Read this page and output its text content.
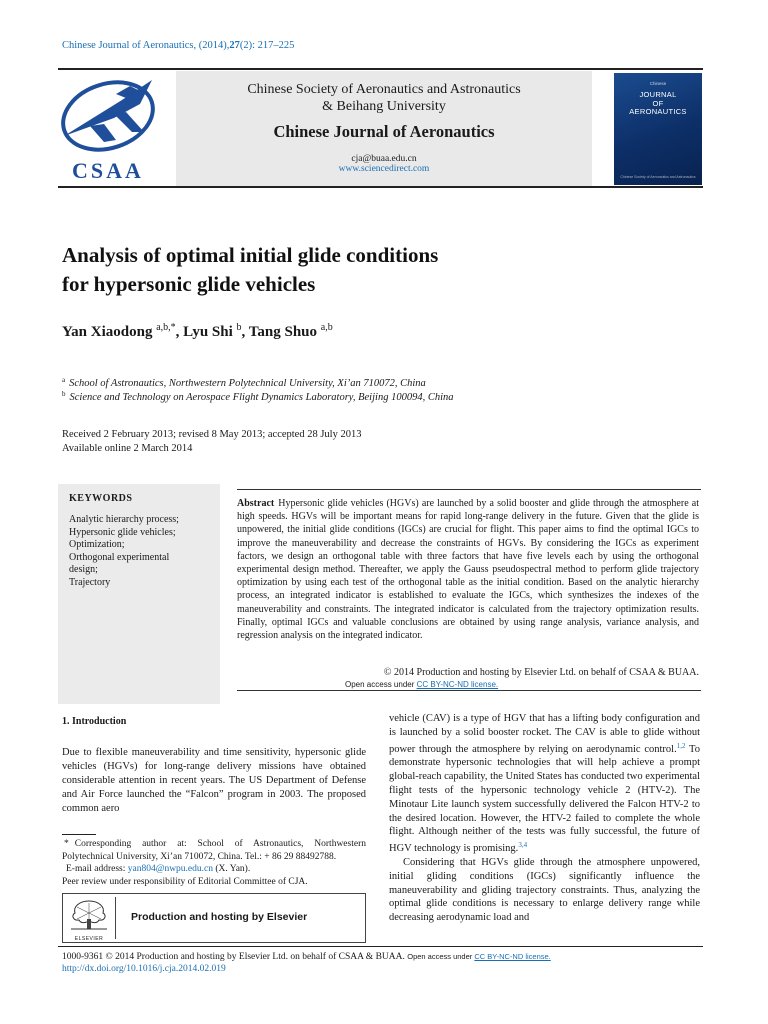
Chinese Journal of Aeronautics, (2014),27(2): 217–225
CSAA
Chinese Society of Aeronautics and Astronautics
& Beihang University
Chinese Journal of Aeronautics
cja@buaa.edu.cn
www.sciencedirect.com
Chinese
JOURNAL
OF
AERONAUTICS
Chinese Society of Aeronautics and Astronautics
Analysis of optimal initial glide conditions
for hypersonic glide vehicles
Yan Xiaodong $^{a,b,*}$, Lyu Shi $^b$, Tang Shuo $^{a,b}$
$^a$ School of Astronautics, Northwestern Polytechnical University, Xi’an 710072, China
$^b$ Science and Technology on Aerospace Flight Dynamics Laboratory, Beijing 100094, China
Received 2 February 2013; revised 8 May 2013; accepted 28 July 2013
Available online 2 March 2014
KEYWORDS
Analytic hierarchy process;
Hypersonic glide vehicles;
Optimization;
Orthogonal experimental
design;
Trajectory
Abstract Hypersonic glide vehicles (HGVs) are launched by a solid booster and glide through the atmosphere at high speeds. HGVs will be important means for rapid long-range delivery in the future. Given that the glide is unpowered, the initial glide conditions (IGCs) are crucial for flight. This paper aims to find the optimal IGCs to improve the maneuverability and decrease the constraints of HGVs. By considering the IGCs as experiment factors, we design an orthogonal table with three factors that have five levels each by using the orthogonal experimental design method. Thereafter, we apply the Gauss pseudospectral method to perform glide trajectory optimization by using each test of the orthogonal table as the initial condition. Based on the analytic hierarchy process, an integrated indicator is established to evaluate the IGCs, which synthesizes the indexes of the maneuverability and constraints. The integrated indicator is calculated from the trajectory optimization results. Finally, optimal IGCs and valuable conclusions are obtained by using range analysis, variance analysis, and regression analysis on the integrated indicator.
© 2014 Production and hosting by Elsevier Ltd. on behalf of CSAA & BUAA.
Open access under CC BY-NC-ND license.
1. Introduction
Due to flexible maneuverability and time sensitivity, hypersonic glide vehicles (HGVs) for long-range delivery missions have obtained considerable attention in recent years. The US Department of Defense and Air Force launched the “Falcon” program in 2003. The proposed common aero
* Corresponding author at: School of Astronautics, Northwestern Polytechnical University, Xi’an 710072, China. Tel.: + 86 29 88492788.
E-mail address: yan804@nwpu.edu.cn (X. Yan).
Peer review under responsibility of Editorial Committee of CJA.
ELSEVIER
Production and hosting by Elsevier
vehicle (CAV) is a type of HGV that has a lifting body configuration and is launched by a solid booster rocket. The CAV is able to glide without power through the atmosphere by relying on aerodynamic control.$^{1,2}$ To demonstrate hypersonic technologies that will help achieve a prompt global-reach capability, the United States has conducted two experimental flight tests of the hypersonic technology vehicle 2 (HTV-2). The Minotaur Lite launch system successfully delivered the Falcon HTV-2 to the desired location. However, the HTV-2 failed to complete the whole flight. Although neither of the tests was fully successful, the future of HGV technology is promising.$^{3,4}$
Considering that HGVs glide through the atmosphere unpowered, initial gliding conditions (IGCs) significantly influence the maneuverability and gliding trajectory constraints. Thus, analyzing the optimal glide conditions is necessary to enlarge delivery range while decreasing aerodynamic load and
1000-9361 © 2014 Production and hosting by Elsevier Ltd. on behalf of CSAA & BUAA. Open access under CC BY-NC-ND license.
http://dx.doi.org/10.1016/j.cja.2014.02.019
